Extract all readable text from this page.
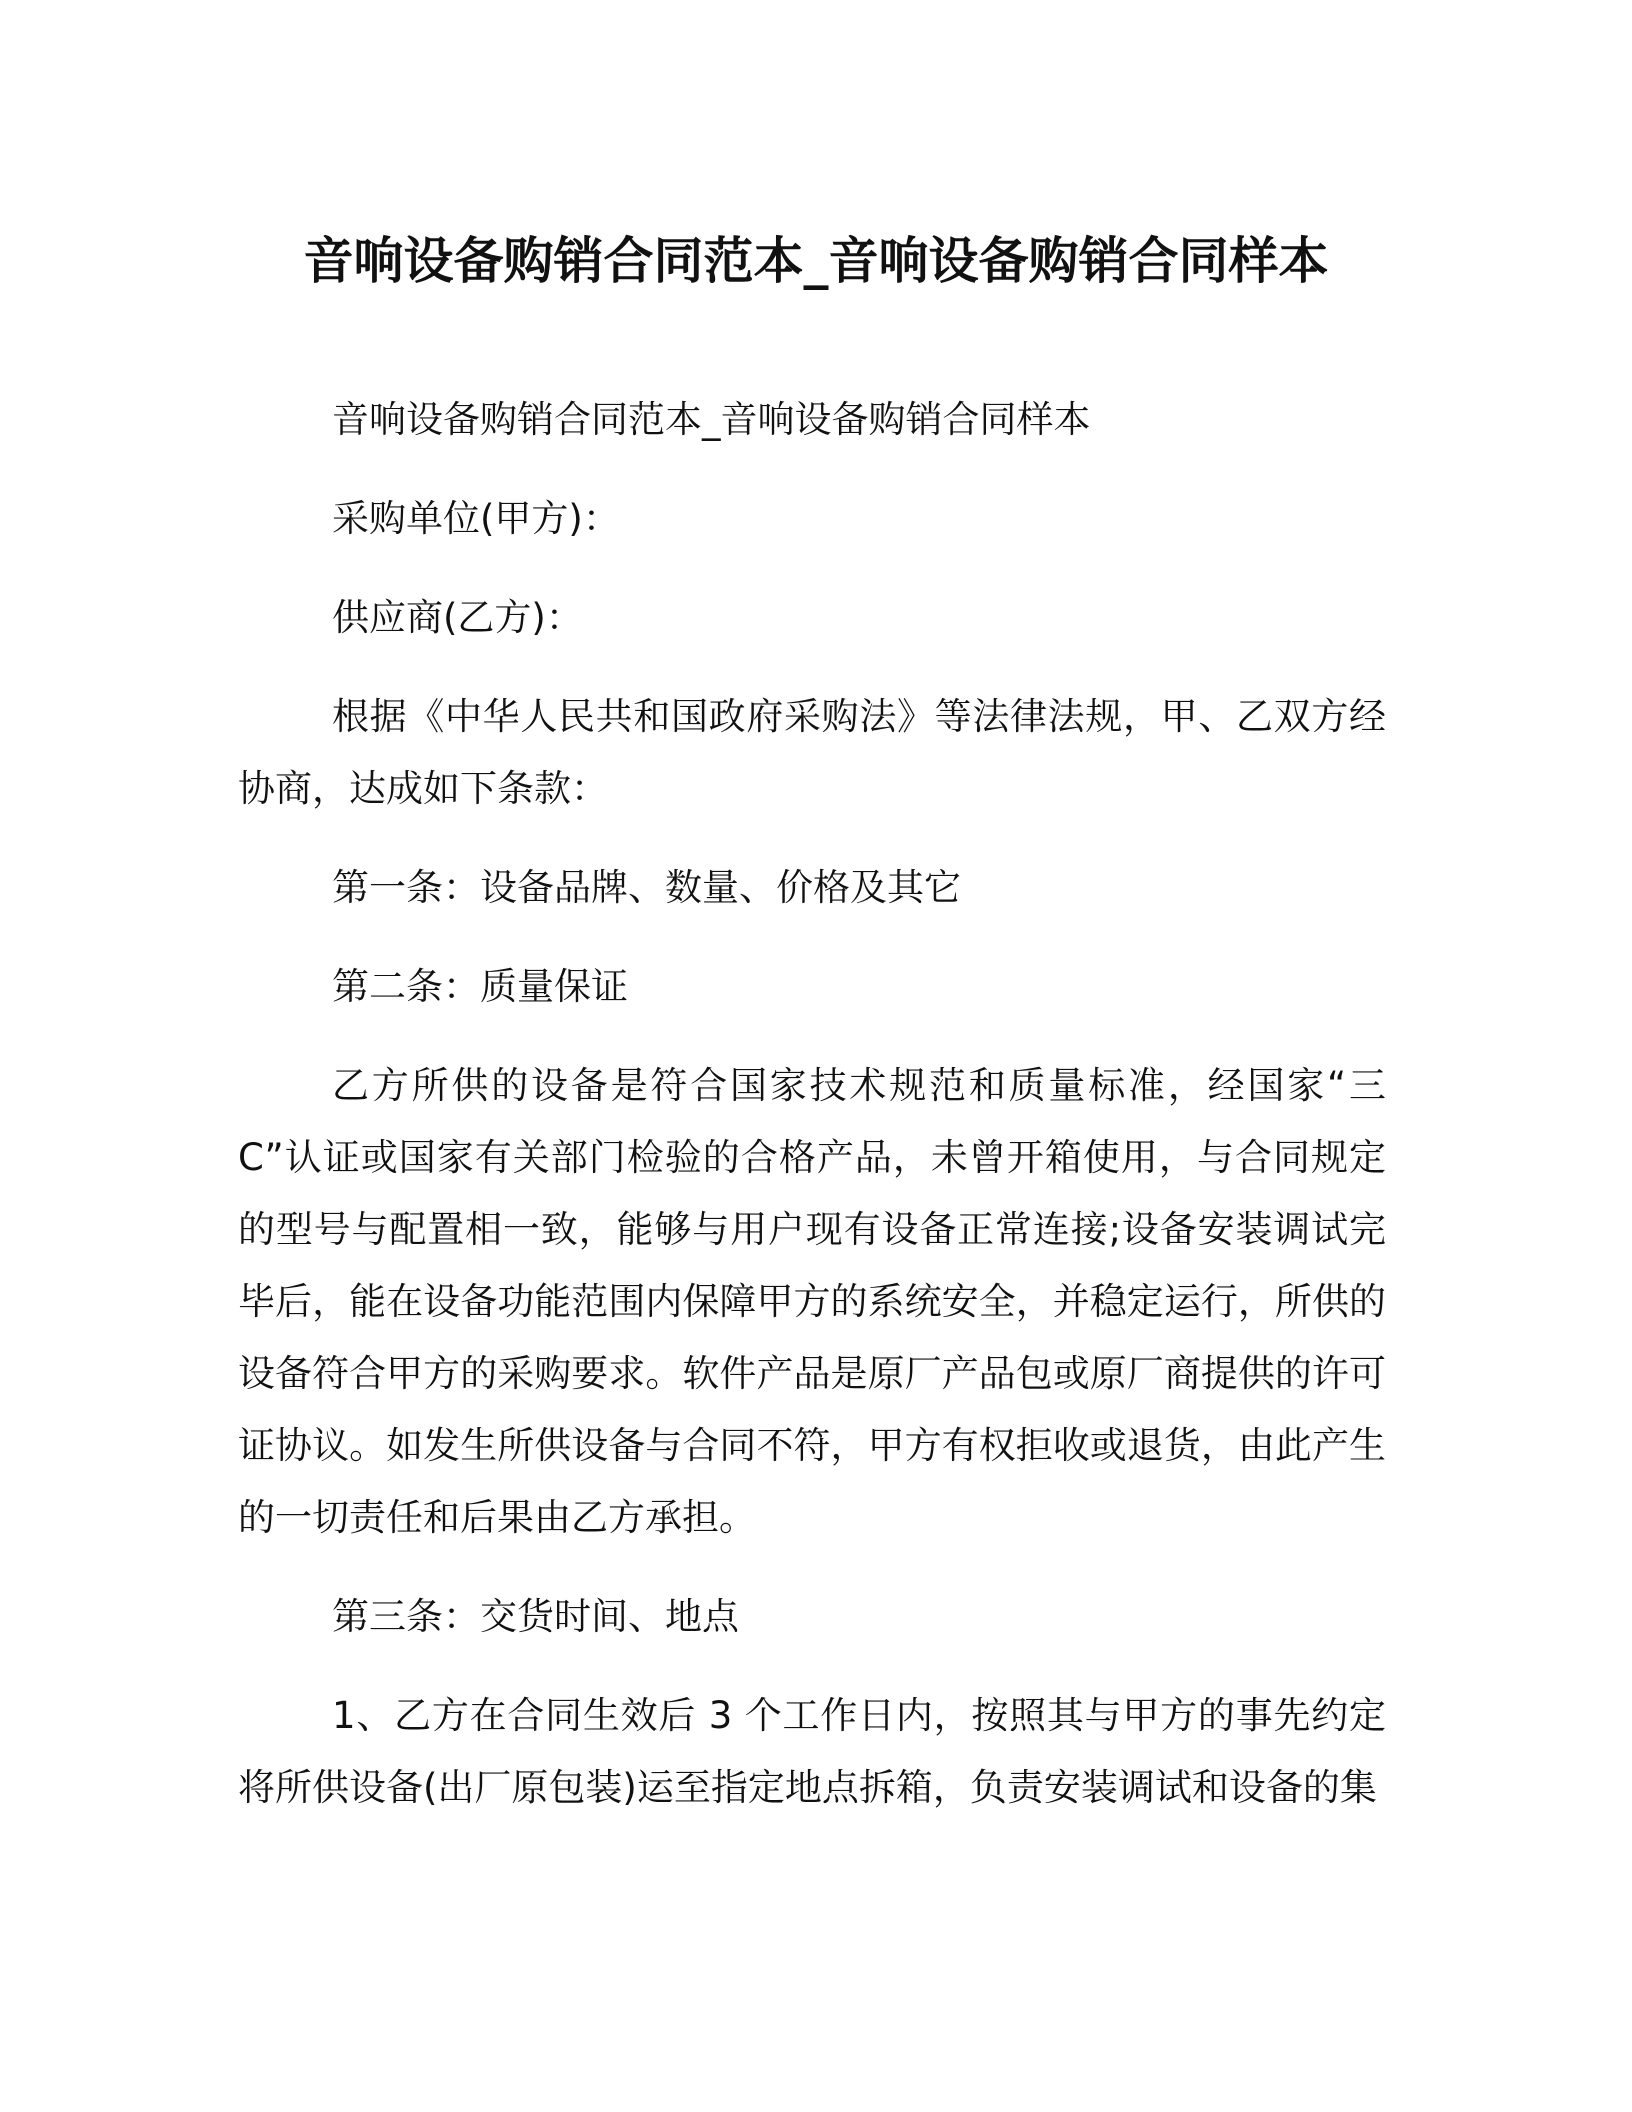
音响设备购销合同范本_音响设备购销合同样本

音响设备购销合同范本_音响设备购销合同样本

采购单位(甲方)：

供应商(乙方)：

根据《中华人民共和国政府采购法》等法律法规，甲、乙双方经协商，达成如下条款：

第一条：设备品牌、数量、价格及其它

第二条：质量保证

乙方所供的设备是符合国家技术规范和质量标准，经国家“三 C”认证或国家有关部门检验的合格产品，未曾开箱使用，与合同规定的型号与配置相一致，能够与用户现有设备正常连接;设备安装调试完毕后，能在设备功能范围内保障甲方的系统安全，并稳定运行，所供的设备符合甲方的采购要求。软件产品是原厂产品包或原厂商提供的许可证协议。如发生所供设备与合同不符，甲方有权拒收或退货，由此产生的一切责任和后果由乙方承担。

第三条：交货时间、地点

1、乙方在合同生效后 3 个工作日内，按照其与甲方的事先约定将所供设备(出厂原包装)运至指定地点拆箱，负责安装调试和设备的集
